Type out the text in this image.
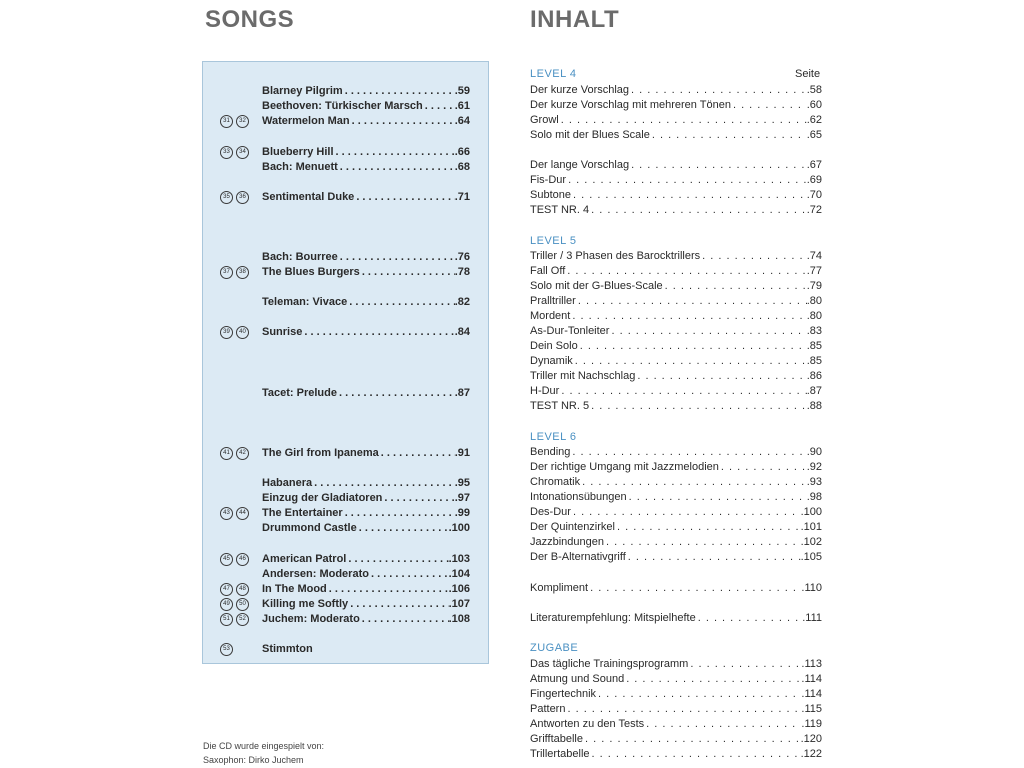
SONGS	INHALT
Blarney Pilgrim . . .	.59
Beethoven: Türkischer Marsch . . .	.61
31 32	Watermelon Man . . .	.64
33 34	Blueberry Hill . . .	.66
Bach: Menuett . . .	.68
35 36	Sentimental Duke . . .	.71
Bach: Bourree . . .	.76
37 38	The Blues Burgers . . .	.78
Teleman: Vivace . . .	.82
39 40	Sunrise . . .	.84
Tacet: Prelude . . .	.87
41 42	The Girl from Ipanema . . .	.91
Habanera . . .	.95
Einzug der Gladiatoren . . .	.97
43 44	The Entertainer . . .	.99
Drummond Castle . . .	.100
45 46	American Patrol . . .	.103
Andersen: Moderato . . .	.104
47 48	In The Mood . . .	.106
49 50	Killing me Softly . . .	.107
51 52	Juchem: Moderato . . .	.108
53	Stimmton
Die CD wurde eingespielt von:
Saxophon: Dirko Juchem
Seite
LEVEL 4
LEVEL 5
LEVEL 6
ZUGABE
Der kurze Vorschlag . . .	.58
Der kurze Vorschlag mit mehreren Tönen . . .	.60
Growl . . .	.62
Solo mit der Blues Scale . . .	.65
Der lange Vorschlag . . .	.67
Fis-Dur . . .	.69
Subtone . . .	.70
TEST NR. 4 . . .	.72
Triller / 3 Phasen des Barocktrillers . . .	.74
Fall Off . . .	.77
Solo mit der G-Blues-Scale . . .	.79
Pralltriller . . .	.80
Mordent . . .	.80
As-Dur-Tonleiter . . .	.83
Dein Solo . . .	.85
Dynamik . . .	.85
Triller mit Nachschlag . . .	.86
H-Dur . . .	.87
TEST NR. 5 . . .	.88
Bending . . .	.90
Der richtige Umgang mit Jazzmelodien . . .	.92
Chromatik . . .	.93
Intonationsübungen . . .	.98
Des-Dur . . .	.100
Der Quintenzirkel . . .	.101
Jazzbindungen . . .	.102
Der B-Alternativgriff . . .	.105
Kompliment . . .	.110
Literaturempfehlung: Mitspielhefte . . .	.111
Das tägliche Trainingsprogramm . . .	.113
Atmung und Sound . . .	.114
Fingertechnik . . .	.114
Pattern . . .	.115
Antworten zu den Tests . . .	.119
Grifftabelle . . .	.120
Trillertabelle . . .	.122
